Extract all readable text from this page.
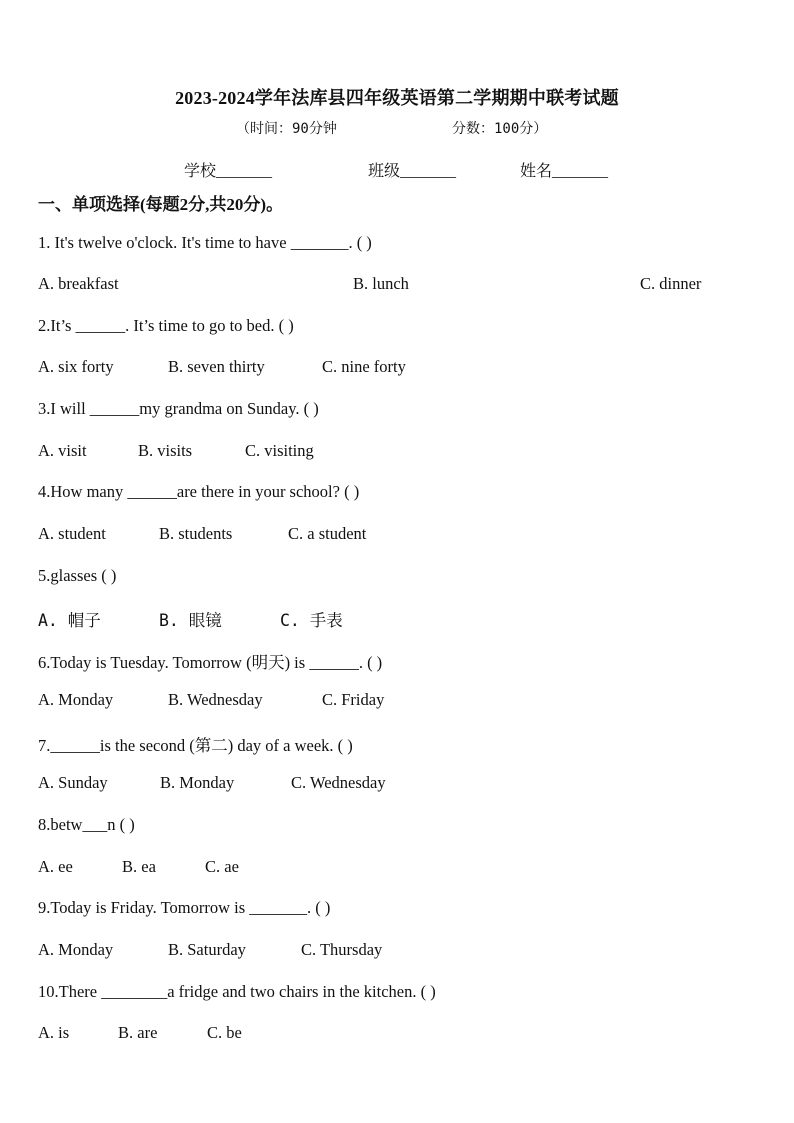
2023-2024学年法库县四年级英语第二学期期中联考试题
（时间：90分钟	分数：100分）
学校_______	班级_______	姓名_______
一、单项选择(每题2分,共20分)。
1. It's twelve o'clock. It's time to have _______. ( )
A. breakfast	B. lunch	C. dinner
2.It’s ______. It’s time to go to bed. ( )
A. six forty	B. seven thirty	C. nine forty
3.I will ______my grandma on Sunday. ( )
A. visit	B. visits	C. visiting
4.How many ______are there in your school? ( )
A. student	B. students	C. a student
5.glasses ( )
A. 帽子	B. 眼镜	C. 手表
6.Today is Tuesday. Tomorrow (明天) is ______. ( )
A. Monday	B. Wednesday	C. Friday
7.______is the second (第二) day of a week. ( )
A. Sunday	B. Monday	C. Wednesday
8.betw___n ( )
A. ee	B. ea	C. ae
9.Today is Friday. Tomorrow is _______. ( )
A. Monday	B. Saturday	C. Thursday
10.There ________a fridge and two chairs in the kitchen. ( )
A. is	B. are	C. be
